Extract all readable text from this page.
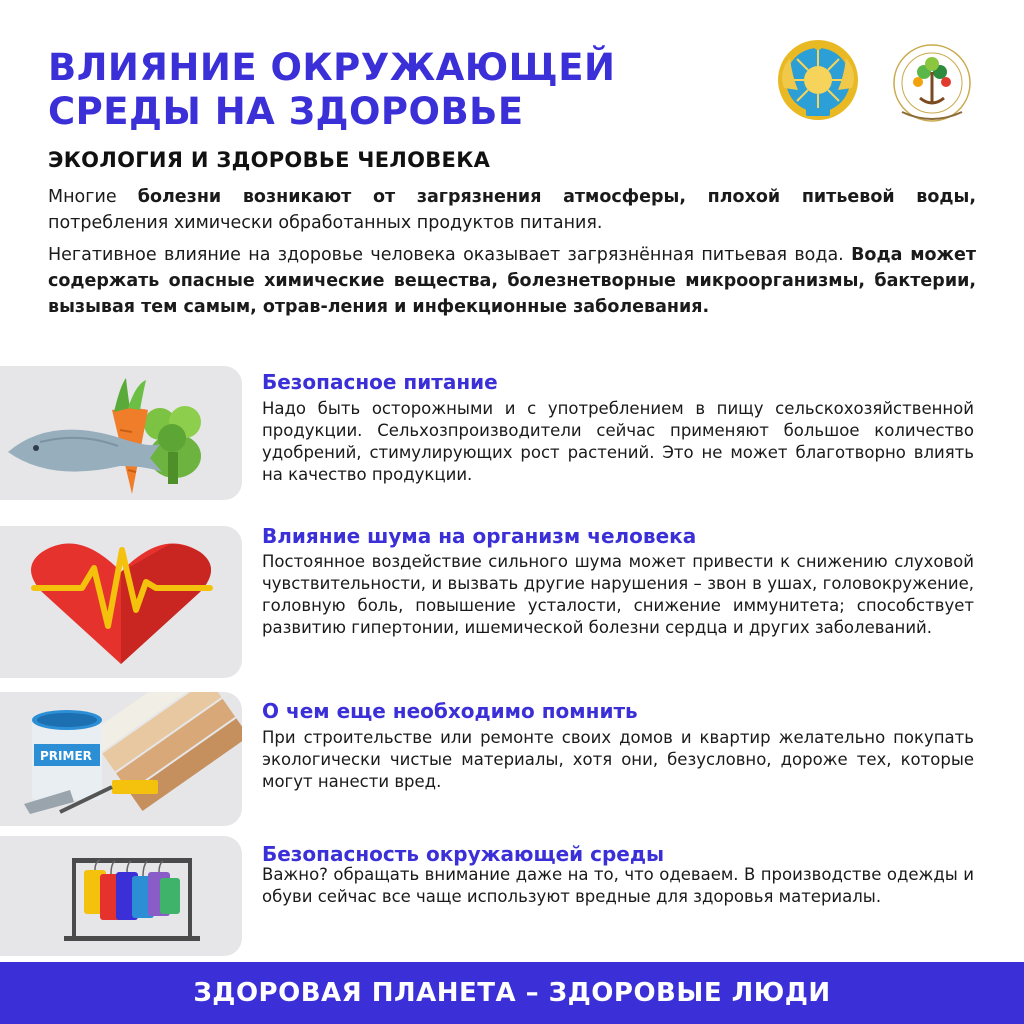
ВЛИЯНИЕ ОКРУЖАЮЩЕЙ
СРЕДЫ НА ЗДОРОВЬЕ
ЭКОЛОГИЯ И ЗДОРОВЬЕ ЧЕЛОВЕКА

Многие болезни возникают от загрязнения атмосферы, плохой питьевой воды, потребления химически обработанных продуктов питания.

Негативное влияние на здоровье человека оказывает загрязнённая питьевая вода. Вода может содержать опасные химические вещества, болезнетворные микроорганизмы, бактерии, вызывая тем самым, отрав-ления и инфекционные заболевания.

PRIMER
Безопасное питание

Надо быть осторожными и с употреблением в пищу сельскохозяйственной продукции. Сельхозпроизводители сейчас применяют большое количество удобрений, стимулирующих рост растений. Это не может благотворно влиять на качество продукции.

Влияние шума на организм человека

Постоянное воздействие сильного шума может привести к снижению слуховой чувствительности, и вызвать другие нарушения – звон в ушах, головокружение, головную боль, повышение усталости, снижение иммунитета; способствует развитию гипертонии, ишемической болезни сердца и других заболеваний.

О чем еще необходимо помнить

При строительстве или ремонте своих домов и квартир желательно покупать экологически чистые материалы, хотя они, безусловно, дороже тех, которые могут нанести вред.

Безопасность окружающей среды

Важно? обращать внимание даже на то, что одеваем. В производстве одежды и обуви сейчас все чаще используют вредные для здоровья материалы.

ЗДОРОВАЯ ПЛАНЕТА – ЗДОРОВЫЕ ЛЮДИ
